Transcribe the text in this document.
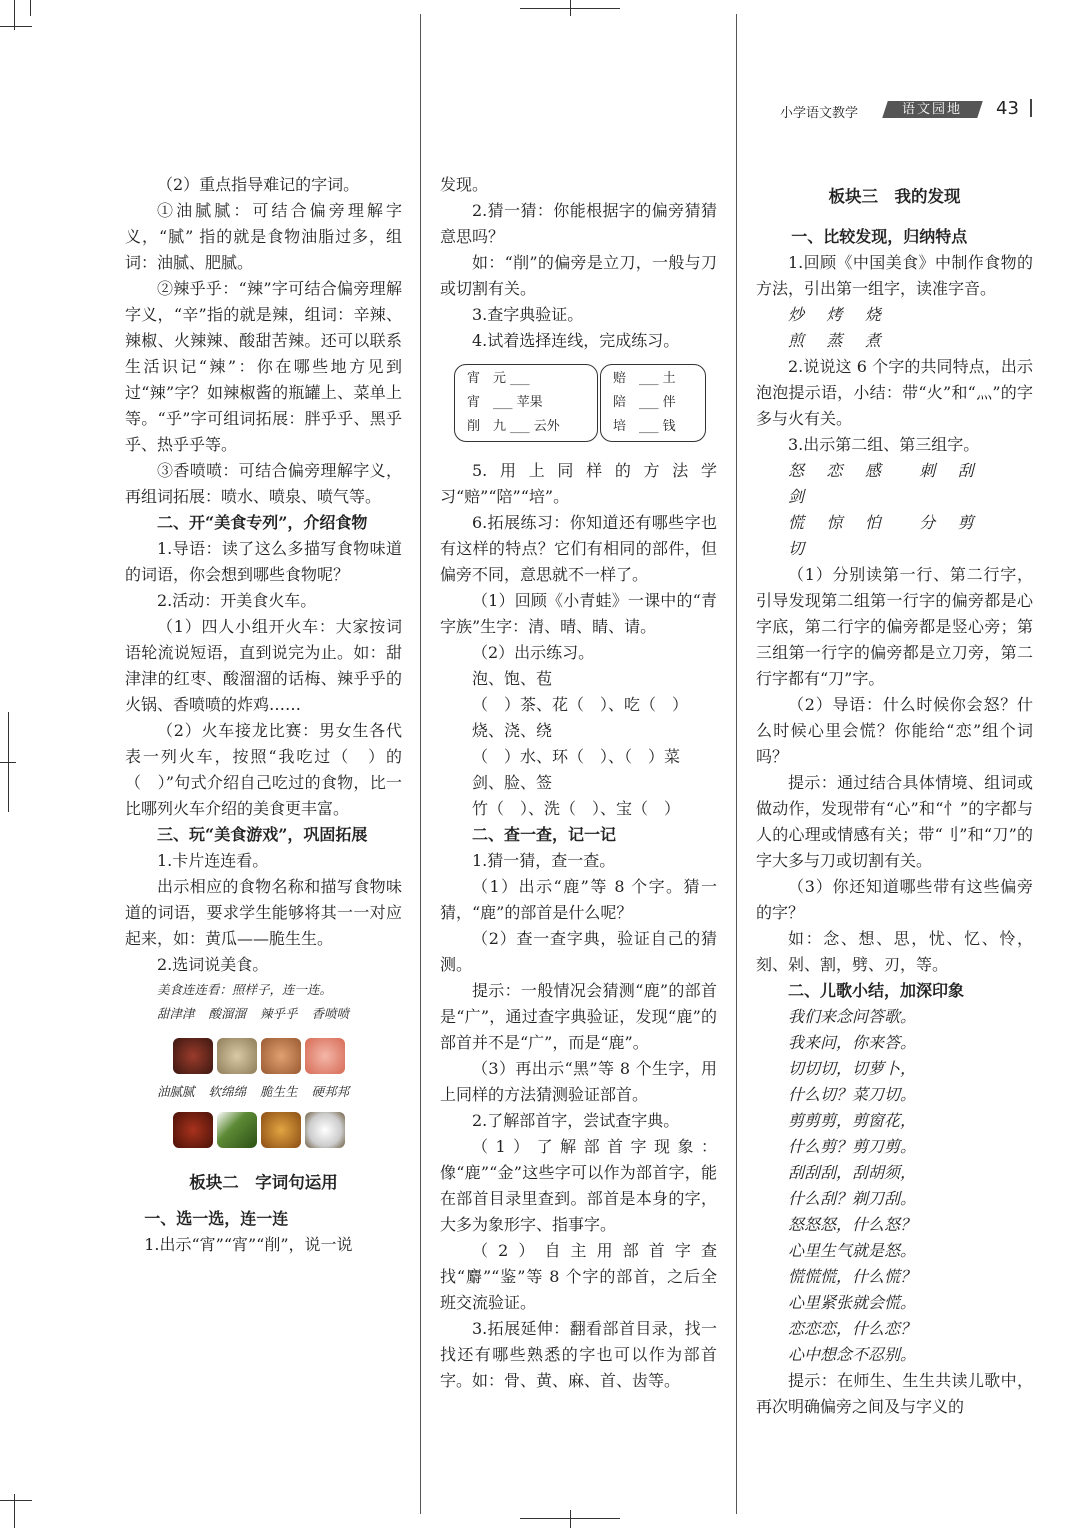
小学语文教学	语文园地	43

（2）重点指导难记的字词。

①油腻腻：可结合偏旁理解字义，“腻” 指的就是食物油脂过多，组词：油腻、肥腻。

②辣乎乎：“辣”字可结合偏旁理解字义，“辛”指的就是辣，组词：辛辣、辣椒、火辣辣、酸甜苦辣。还可以联系生活识记“辣”：你在哪些地方见到过“辣”字？如辣椒酱的瓶罐上、菜单上等。“乎”字可组词拓展：胖乎乎、黑乎乎、热乎乎等。

③香喷喷：可结合偏旁理解字义，再组词拓展：喷水、喷泉、喷气等。

二、开“美食专列”，介绍食物

1.导语：读了这么多描写食物味道的词语，你会想到哪些食物呢？

2.活动：开美食火车。

（1）四人小组开火车：大家按词语轮流说短语，直到说完为止。如：甜津津的红枣、酸溜溜的话梅、辣乎乎的火锅、香喷喷的炸鸡……

（2）火车接龙比赛：男女生各代表一列火车，按照“我吃过（　）的（　）”句式介绍自己吃过的食物，比一比哪列火车介绍的美食更丰富。

三、玩“美食游戏”，巩固拓展

1.卡片连连看。

出示相应的食物名称和描写食物味道的词语，要求学生能够将其一一对应起来，如：黄瓜——脆生生。

2.选词说美食。

美食连连看：照样子，连一连。
甜津津 酸溜溜 辣乎乎 香喷喷
油腻腻 软绵绵 脆生生 硬邦邦

板块二　字词句运用

一、选一选，连一连

1.出示“宵”“宵”“削”，说一说

发现。

2.猜一猜：你能根据字的偏旁猜猜意思吗？

如：“削”的偏旁是立刀，一般与刀或切割有关。

3.查字典验证。

4.试着选择连线，完成练习。

宵　元 ___
宵　___ 苹果
削　九 ___ 云外
赔　___ 土
陪　___ 伴
培　___ 钱

5.用上同样的方法学习“赔”“陪”“培”。

6.拓展练习：你知道还有哪些字也有这样的特点？它们有相同的部件，但偏旁不同，意思就不一样了。

（1）回顾《小青蛙》一课中的“青字族”生字：清、晴、睛、请。

（2）出示练习。

泡、饱、苞

（　）茶、花（　）、吃（　）

烧、浇、绕

（　）水、环（　）、（　）菜

剑、脸、签

竹（　）、洗（　）、宝（　）

二、查一查，记一记

1.猜一猜，查一查。

（1）出示“鹿”等 8 个字。猜一猜，“鹿”的部首是什么呢？

（2）查一查字典，验证自己的猜测。

提示：一般情况会猜测“鹿”的部首是“广”，通过查字典验证，发现“鹿”的部首并不是“广”，而是“鹿”。

（3）再出示“黑”等 8 个生字，用上同样的方法猜测验证部首。

2.了解部首字，尝试查字典。

（1）了解部首字现象：像“鹿”“金”这些字可以作为部首字，能在部首目录里查到。部首是本身的字，大多为象形字、指事字。

（2）自主用部首字查找“麝”“鉴”等 8 个字的部首，之后全班交流验证。

3.拓展延伸：翻看部首目录，找一找还有哪些熟悉的字也可以作为部首字。如：骨、黄、麻、首、齿等。

板块三　我的发现

一、比较发现，归纳特点

1.回顾《中国美食》中制作食物的方法，引出第一组字，读准字音。

炒 烤 烧

煎 蒸 煮

2.说说这 6 个字的共同特点，出示泡泡提示语，小结：带“火”和“灬”的字多与火有关。

3.出示第二组、第三组字。

怒 恋 感 刺 刮剑

慌 惊 怕 分 剪切

（1）分别读第一行、第二行字，引导发现第二组第一行字的偏旁都是心字底，第二行字的偏旁都是竖心旁；第三组第一行字的偏旁都是立刀旁，第二行字都有“刀”字。

（2）导语：什么时候你会怒？什么时候心里会慌？你能给“恋”组个词吗？

提示：通过结合具体情境、组词或做动作，发现带有“心”和“忄”的字都与人的心理或情感有关；带“刂”和“刀”的字大多与刀或切割有关。

（3）你还知道哪些带有这些偏旁的字？

如：念、想、思，忧、忆、怜，刻、剁、割，劈、刃，等。

二、儿歌小结，加深印象

我们来念问答歌。

我来问，你来答。

切切切，切萝卜，

什么切？菜刀切。

剪剪剪，剪窗花，

什么剪？剪刀剪。

刮刮刮，刮胡须，

什么刮？剃刀刮。

怒怒怒，什么怒？

心里生气就是怒。

慌慌慌，什么慌？

心里紧张就会慌。

恋恋恋，什么恋？

心中想念不忍别。

提示：在师生、生生共读儿歌中，再次明确偏旁之间及与字义的
